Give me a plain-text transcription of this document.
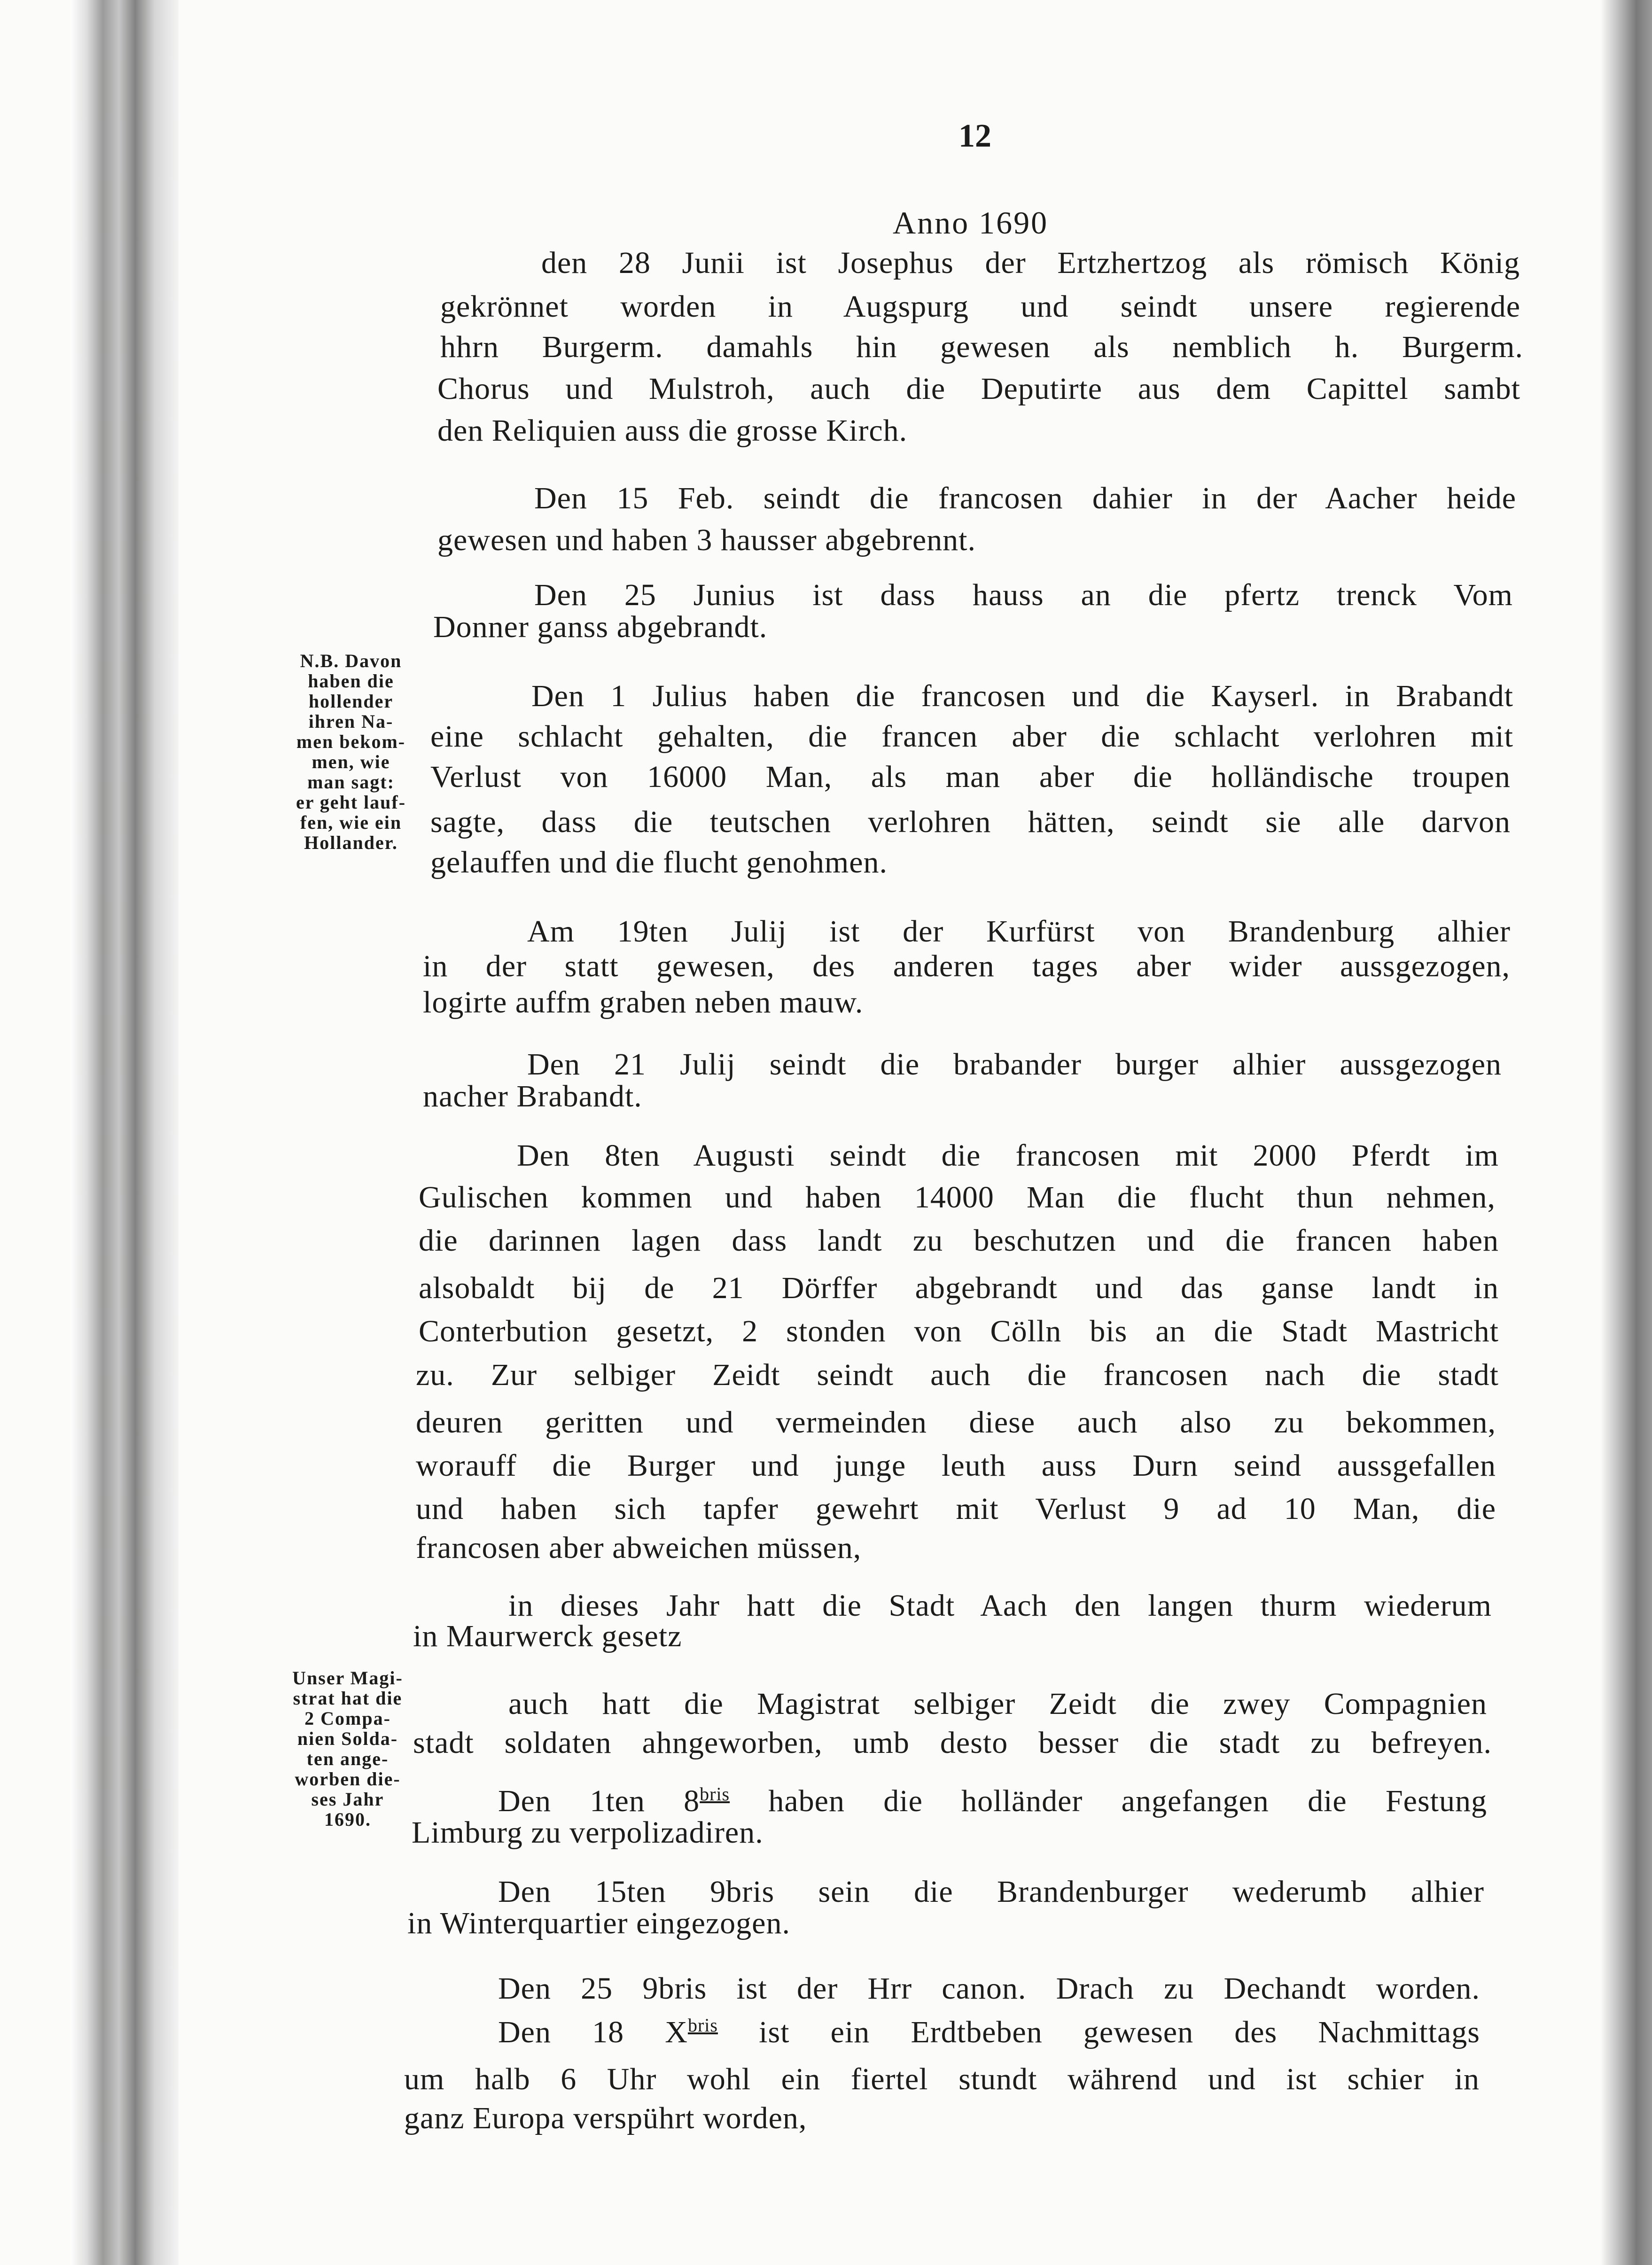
12
Anno 1690
den 28 Junii ist Josephus der Ertzhertzog als römisch König
gekrönnet worden in Augspurg und seindt unsere regierende
hhrn Burgerm. damahls hin gewesen als nemblich h. Burgerm.
Chorus und Mulstroh, auch die Deputirte aus dem Capittel sambt
den Reliquien auss die grosse Kirch.
Den 15 Feb. seindt die francosen dahier in der Aacher heide
gewesen und haben 3 hausser abgebrennt.
Den 25 Junius ist dass hauss an die pfertz trenck Vom
Donner ganss abgebrandt.
Den 1 Julius haben die francosen und die Kayserl. in Brabandt
eine schlacht gehalten, die francen aber die schlacht verlohren mit
Verlust von 16000 Man, als man aber die holländische troupen
sagte, dass die teutschen verlohren hätten, seindt sie alle darvon
gelauffen und die flucht genohmen.
Am 19ten Julij ist der Kurfürst von Brandenburg alhier
in der statt gewesen, des anderen tages aber wider aussgezogen,
logirte auffm graben neben mauw.
Den 21 Julij seindt die brabander burger alhier aussgezogen
nacher Brabandt.
Den 8ten Augusti seindt die francosen mit 2000 Pferdt im
Gulischen kommen und haben 14000 Man die flucht thun nehmen,
die darinnen lagen dass landt zu beschutzen und die francen haben
alsobaldt bij de 21 Dörffer abgebrandt und das ganse landt in
Conterbution gesetzt, 2 stonden von Cölln bis an die Stadt Mastricht
zu. Zur selbiger Zeidt seindt auch die francosen nach die stadt
deuren geritten und vermeinden diese auch also zu bekommen,
worauff die Burger und junge leuth auss Durn seind aussgefallen
und haben sich tapfer gewehrt mit Verlust 9 ad 10 Man, die
francosen aber abweichen müssen,
in dieses Jahr hatt die Stadt Aach den langen thurm wiederum
in Maurwerck gesetz
auch hatt die Magistrat selbiger Zeidt die zwey Compagnien
stadt soldaten ahngeworben, umb desto besser die stadt zu befreyen.
Den 1ten $8^{bris}$ haben die holländer angefangen die Festung
Limburg zu verpolizadiren.
Den 15ten 9bris sein die Brandenburger wederumb alhier
in Winterquartier eingezogen.
Den 25 9bris ist der Hrr canon. Drach zu Dechandt worden.
Den 18 $X^{bris}$ ist ein Erdtbeben gewesen des Nachmittags
um halb 6 Uhr wohl ein fiertel stundt während und ist schier in
ganz Europa verspührt worden,
N.B. Davon
haben die
hollender
ihren Na-
men bekom-
men, wie
man sagt:
er geht lauf-
fen, wie ein
Hollander.
Unser Magi-
strat hat die
2 Compa-
nien Solda-
ten ange-
worben die-
ses Jahr
1690.
